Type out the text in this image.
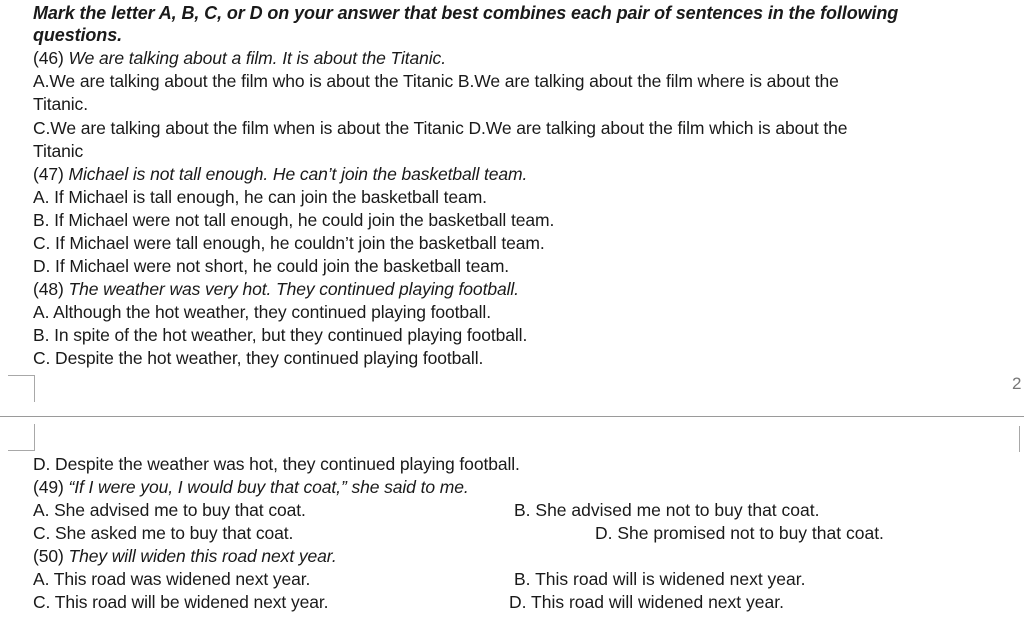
Mark the letter A, B, C, or D on your answer that best combines each pair of sentences in the following
questions.
(46) We are talking about a film. It is about the Titanic.
A.We are talking about the film who is about the Titanic B.We are talking about the film where is about the
Titanic.
C.We are talking about the film when is about the Titanic D.We are talking about the film which is about the
Titanic
(47) Michael is not tall enough. He can’t join the basketball team.
A. If Michael is tall enough, he can join the basketball team.
B. If Michael were not tall enough, he could join the basketball team.
C. If Michael were tall enough, he couldn’t join the basketball team.
D. If Michael were not short, he could join the basketball team.
(48) The weather was very hot. They continued playing football.
A. Although the hot weather, they continued playing football.
B. In spite of the hot weather, but they continued playing football.
C. Despite the hot weather, they continued playing football.
2
D. Despite the weather was hot, they continued playing football.
(49) “If I were you, I would buy that coat,” she said to me.
A. She advised me to buy that coat.	B. She advised me not to buy that coat.
C. She asked me to buy that coat.	D. She promised not to buy that coat.
(50) They will widen this road next year.
A. This road was widened next year.	B. This road will is widened next year.
C. This road will be widened next year.	D. This road will widened next year.
